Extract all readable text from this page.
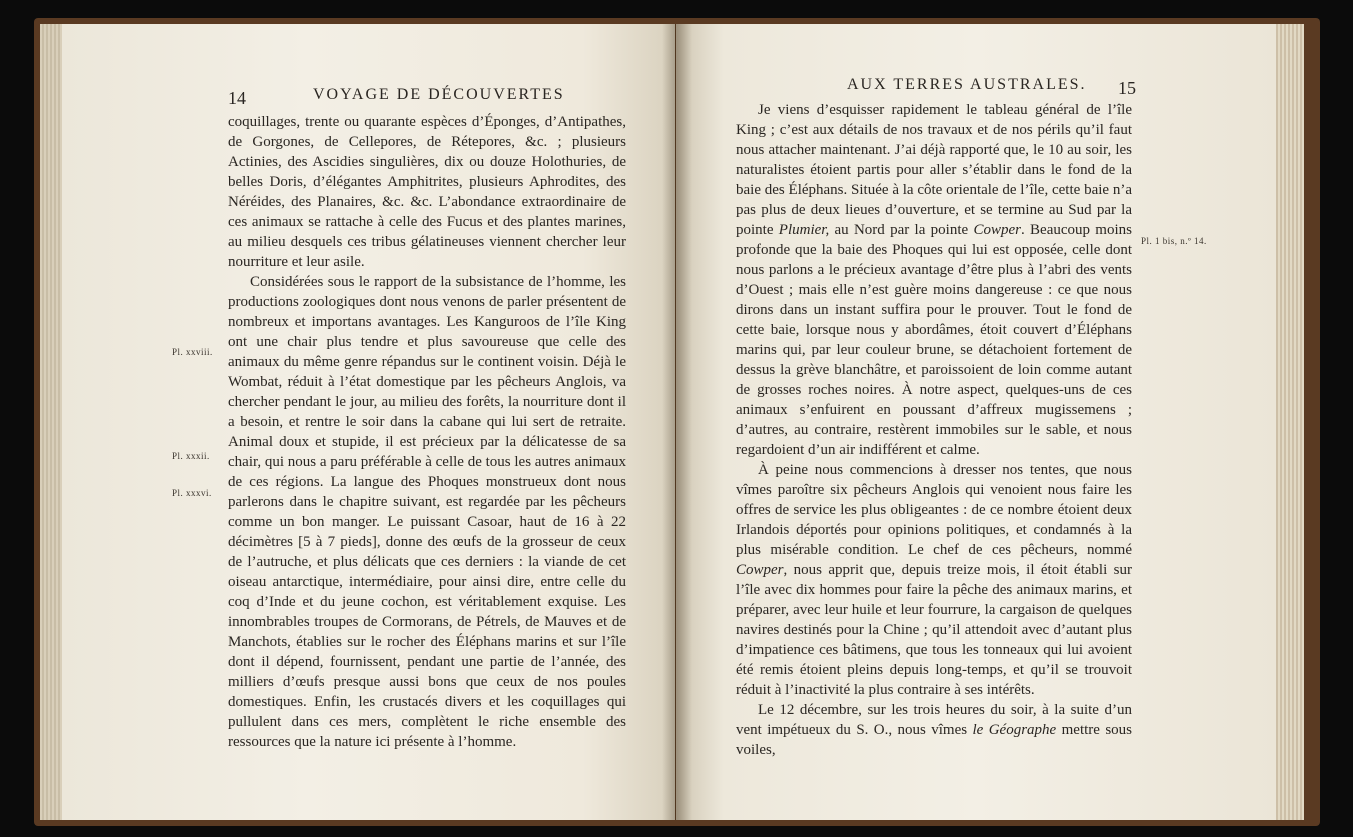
14	VOYAGE DE DÉCOUVERTES

coquillages, trente ou quarante espèces d’Éponges, d’Antipathes, de Gorgones, de Cellepores, de Rétepores, &c. ; plusieurs Actinies, des Ascidies singulières, dix ou douze Holothuries, de belles Doris, d’élégantes Amphitrites, plusieurs Aphrodites, des Néréides, des Planaires, &c. &c. L’abondance extraordinaire de ces animaux se rattache à celle des Fucus et des plantes marines, au milieu desquels ces tribus gélatineuses viennent chercher leur nourriture et leur asile.

Considérées sous le rapport de la subsistance de l’homme, les productions zoologiques dont nous venons de parler présentent de nombreux et importans avantages. Les Kanguroos de l’île King ont une chair plus tendre et plus savoureuse que celle des animaux du même genre répandus sur le continent voisin. Déjà le Wombat, réduit à l’état domestique par les pêcheurs Anglois, va chercher pendant le jour, au milieu des forêts, la nourriture dont il a besoin, et rentre le soir dans la cabane qui lui sert de retraite. Animal doux et stupide, il est précieux par la délicatesse de sa chair, qui nous a paru préférable à celle de tous les autres animaux de ces régions. La langue des Phoques monstrueux dont nous parlerons dans le chapitre suivant, est regardée par les pêcheurs comme un bon manger. Le puissant Casoar, haut de 16 à 22 décimètres [5 à 7 pieds], donne des œufs de la grosseur de ceux de l’autruche, et plus délicats que ces derniers : la viande de cet oiseau antarctique, intermédiaire, pour ainsi dire, entre celle du coq d’Inde et du jeune cochon, est véritablement exquise. Les innombrables troupes de Cormorans, de Pétrels, de Mauves et de Manchots, établies sur le rocher des Éléphans marins et sur l’île dont il dépend, fournissent, pendant une partie de l’année, des milliers d’œufs presque aussi bons que ceux de nos poules domestiques. Enfin, les crustacés divers et les coquillages qui pullulent dans ces mers, complètent le riche ensemble des ressources que la nature ici présente à l’homme.

Pl. xxviii.
Pl. xxxii.
Pl. xxxvi.
AUX TERRES AUSTRALES. 15

Je viens d’esquisser rapidement le tableau général de l’île King ; c’est aux détails de nos travaux et de nos périls qu’il faut nous attacher maintenant. J’ai déjà rapporté que, le 10 au soir, les naturalistes étoient partis pour aller s’établir dans le fond de la baie des Éléphans. Située à la côte orientale de l’île, cette baie n’a pas plus de deux lieues d’ouverture, et se termine au Sud par la pointe Plumier, au Nord par la pointe Cowper. Beaucoup moins profonde que la baie des Phoques qui lui est opposée, celle dont nous parlons a le précieux avantage d’être plus à l’abri des vents d’Ouest ; mais elle n’est guère moins dangereuse : ce que nous dirons dans un instant suffira pour le prouver. Tout le fond de cette baie, lorsque nous y abordâmes, étoit couvert d’Éléphans marins qui, par leur couleur brune, se détachoient fortement de dessus la grève blanchâtre, et paroissoient de loin comme autant de grosses roches noires. À notre aspect, quelques-uns de ces animaux s’enfuirent en poussant d’affreux mugissemens ; d’autres, au contraire, restèrent immobiles sur le sable, et nous regardoient d’un air indifférent et calme.

À peine nous commencions à dresser nos tentes, que nous vîmes paroître six pêcheurs Anglois qui venoient nous faire les offres de service les plus obligeantes : de ce nombre étoient deux Irlandois déportés pour opinions politiques, et condamnés à la plus misérable condition. Le chef de ces pêcheurs, nommé Cowper, nous apprit que, depuis treize mois, il étoit établi sur l’île avec dix hommes pour faire la pêche des animaux marins, et préparer, avec leur huile et leur fourrure, la cargaison de quelques navires destinés pour la Chine ; qu’il attendoit avec d’autant plus d’impatience ces bâtimens, que tous les tonneaux qui lui avoient été remis étoient pleins depuis long-temps, et qu’il se trouvoit réduit à l’inactivité la plus contraire à ses intérêts.

Le 12 décembre, sur les trois heures du soir, à la suite d’un vent impétueux du S. O., nous vîmes le Géographe mettre sous voiles,

Pl. 1 bis, n.º 14.
